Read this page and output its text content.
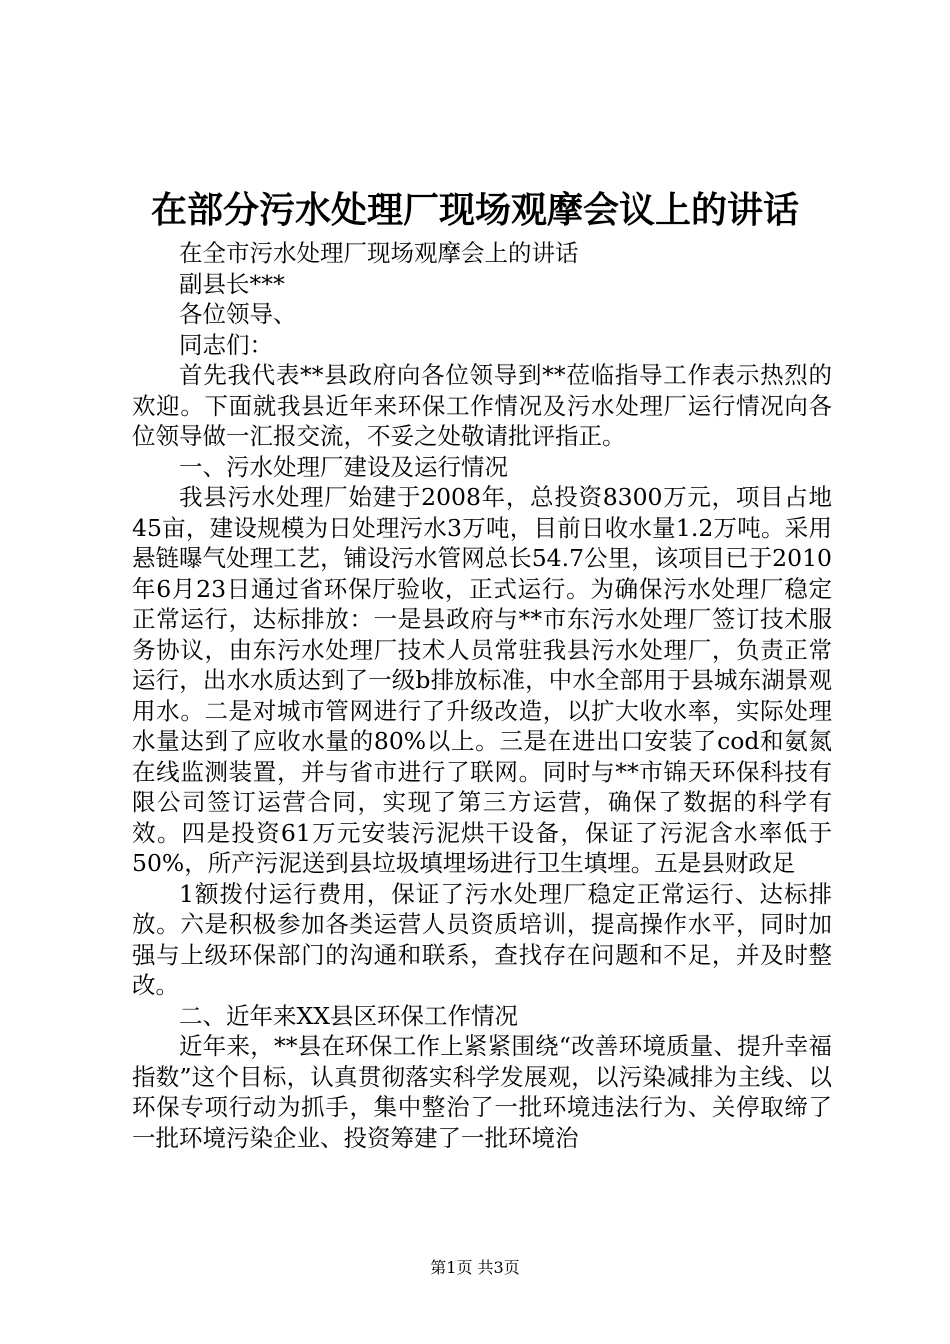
在部分污水处理厂现场观摩会议上的讲话

在全市污水处理厂现场观摩会上的讲话

副县长***

各位领导、

同志们：

首先我代表**县政府向各位领导到**莅临指导工作表示热烈的欢迎。下面就我县近年来环保工作情况及污水处理厂运行情况向各位领导做一汇报交流，不妥之处敬请批评指正。

一、污水处理厂建设及运行情况

我县污水处理厂始建于2008年，总投资8300万元，项目占地45亩，建设规模为日处理污水3万吨，目前日收水量1.2万吨。采用悬链曝气处理工艺，铺设污水管网总长54.7公里，该项目已于2010年6月23日通过省环保厅验收，正式运行。为确保污水处理厂稳定正常运行，达标排放：一是县政府与**市东污水处理厂签订技术服务协议，由东污水处理厂技术人员常驻我县污水处理厂，负责正常运行，出水水质达到了一级b排放标准，中水全部用于县城东湖景观用水。二是对城市管网进行了升级改造，以扩大收水率，实际处理水量达到了应收水量的80%以上。三是在进出口安装了cod和氨氮在线监测装置，并与省市进行了联网。同时与**市锦天环保科技有限公司签订运营合同，实现了第三方运营，确保了数据的科学有效。四是投资61万元安装污泥烘干设备，保证了污泥含水率低于50%，所产污泥送到县垃圾填埋场进行卫生填埋。五是县财政足

1额拨付运行费用，保证了污水处理厂稳定正常运行、达标排放。六是积极参加各类运营人员资质培训，提高操作水平，同时加强与上级环保部门的沟通和联系，查找存在问题和不足，并及时整改。

二、近年来XX县区环保工作情况

近年来，**县在环保工作上紧紧围绕“改善环境质量、提升幸福指数”这个目标，认真贯彻落实科学发展观，以污染减排为主线、以环保专项行动为抓手，集中整治了一批环境违法行为、关停取缔了一批环境污染企业、投资筹建了一批环境治

第1页 共3页
